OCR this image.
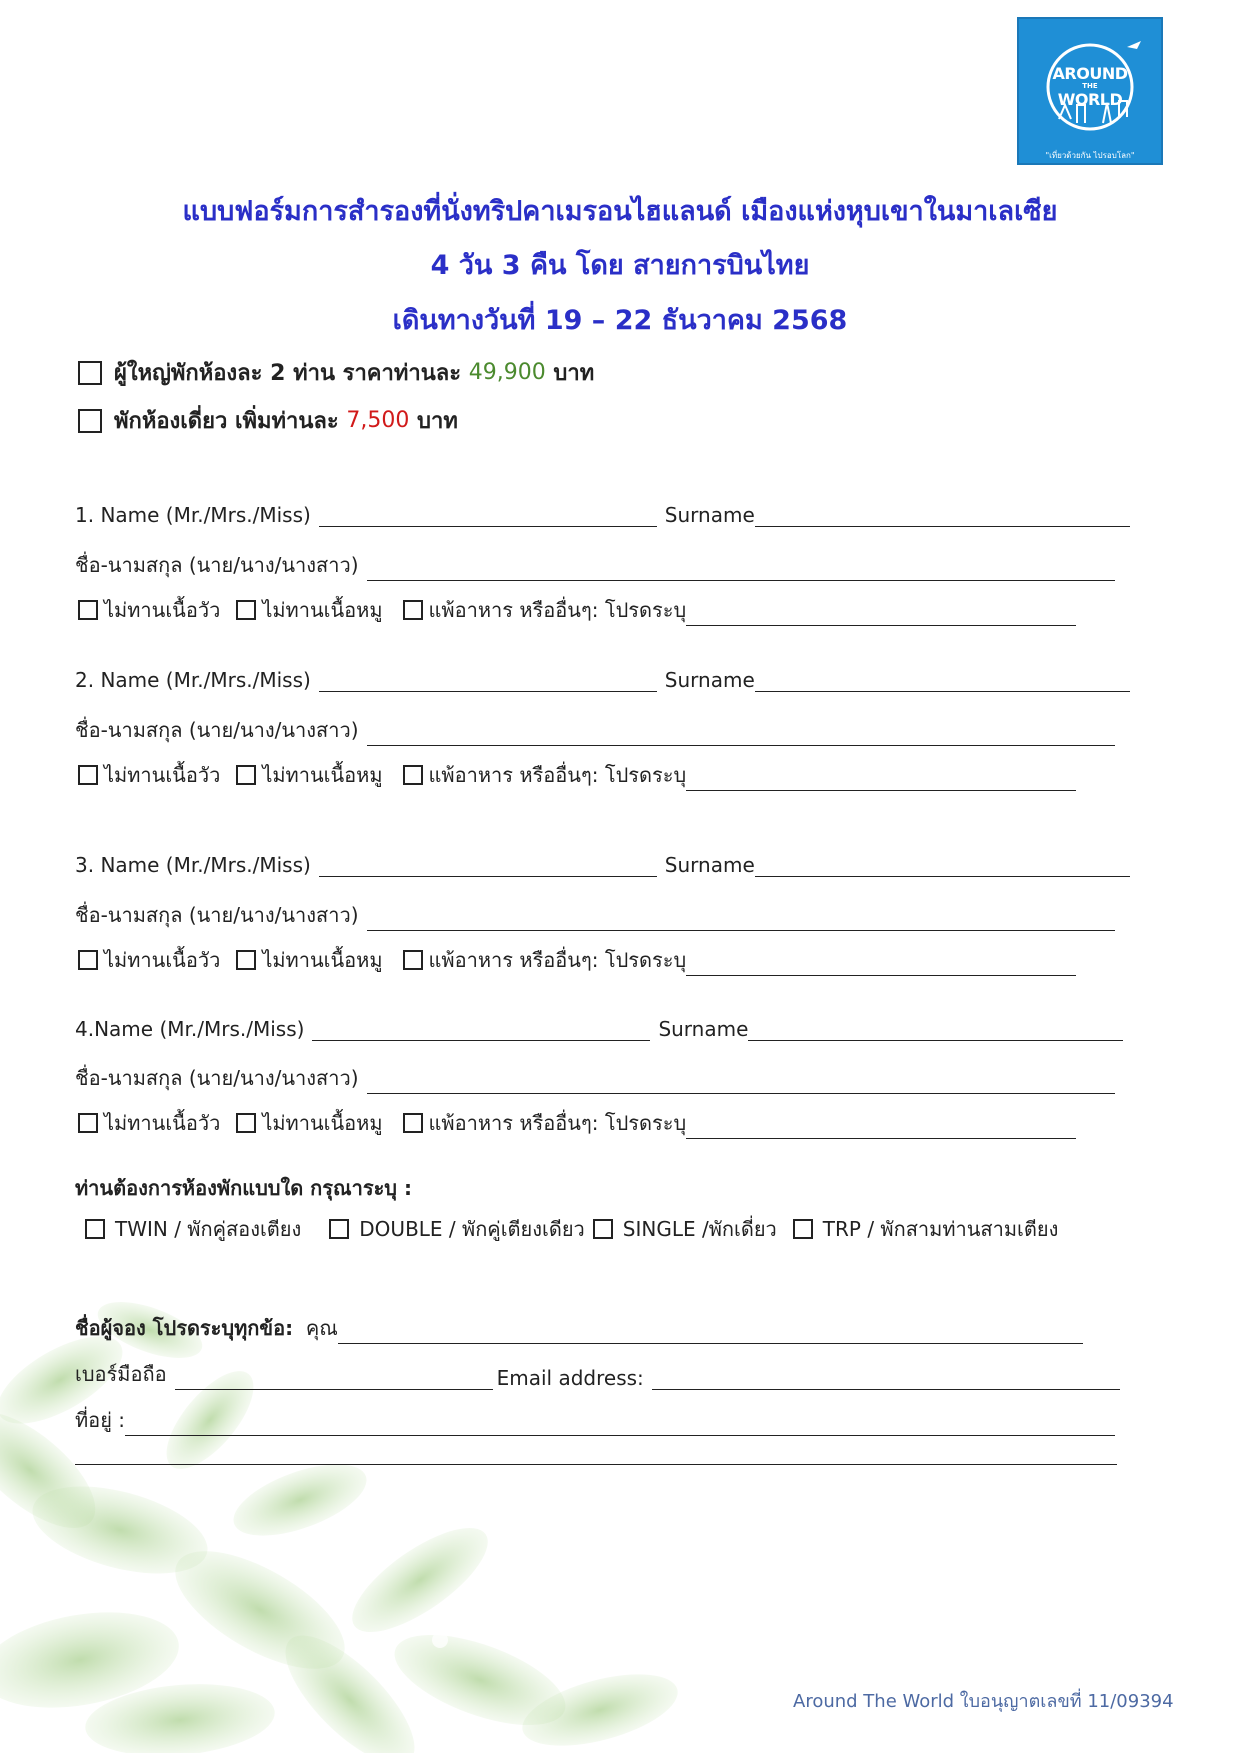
AROUND
THE
WORLD
"เที่ยวด้วยกัน ไปรอบโลก"
แบบฟอร์มการสำรองที่นั่งทริปคาเมรอนไฮแลนด์ เมืองแห่งหุบเขาในมาเลเซีย
4 วัน 3 คืน โดย สายการบินไทย
เดินทางวันที่ 19 – 22 ธันวาคม 2568
ผู้ใหญ่พักห้องละ 2 ท่าน ราคาท่านละ
49,900
บาท
พักห้องเดี่ยว เพิ่มท่านละ
7,500
บาท
1. Name (Mr./Mrs./Miss)	Surname
ชื่อ-นามสกุล (นาย/นาง/นางสาว)
ไม่ทานเนื้อวัว ไม่ทานเนื้อหมู แพ้อาหาร หรืออื่นๆ: โปรดระบุ
2. Name (Mr./Mrs./Miss)	Surname
ชื่อ-นามสกุล (นาย/นาง/นางสาว)
ไม่ทานเนื้อวัว ไม่ทานเนื้อหมู แพ้อาหาร หรืออื่นๆ: โปรดระบุ
3. Name (Mr./Mrs./Miss)	Surname
ชื่อ-นามสกุล (นาย/นาง/นางสาว)
ไม่ทานเนื้อวัว ไม่ทานเนื้อหมู แพ้อาหาร หรืออื่นๆ: โปรดระบุ
4.Name (Mr./Mrs./Miss)	Surname
ชื่อ-นามสกุล (นาย/นาง/นางสาว)
ไม่ทานเนื้อวัว ไม่ทานเนื้อหมู แพ้อาหาร หรืออื่นๆ: โปรดระบุ
ท่านต้องการห้องพักแบบใด กรุณาระบุ :
TWIN / พักคู่สองเตียง	DOUBLE / พักคู่เตียงเดียว SINGLE /พักเดี่ยว TRP / พักสามท่านสามเตียง
ชื่อผู้จอง โปรดระบุทุกข้อ:
คุณ
เบอร์มือถือ	Email address:
ที่อยู่ :
Around The World ใบอนุญาตเลขที่ 11/09394
